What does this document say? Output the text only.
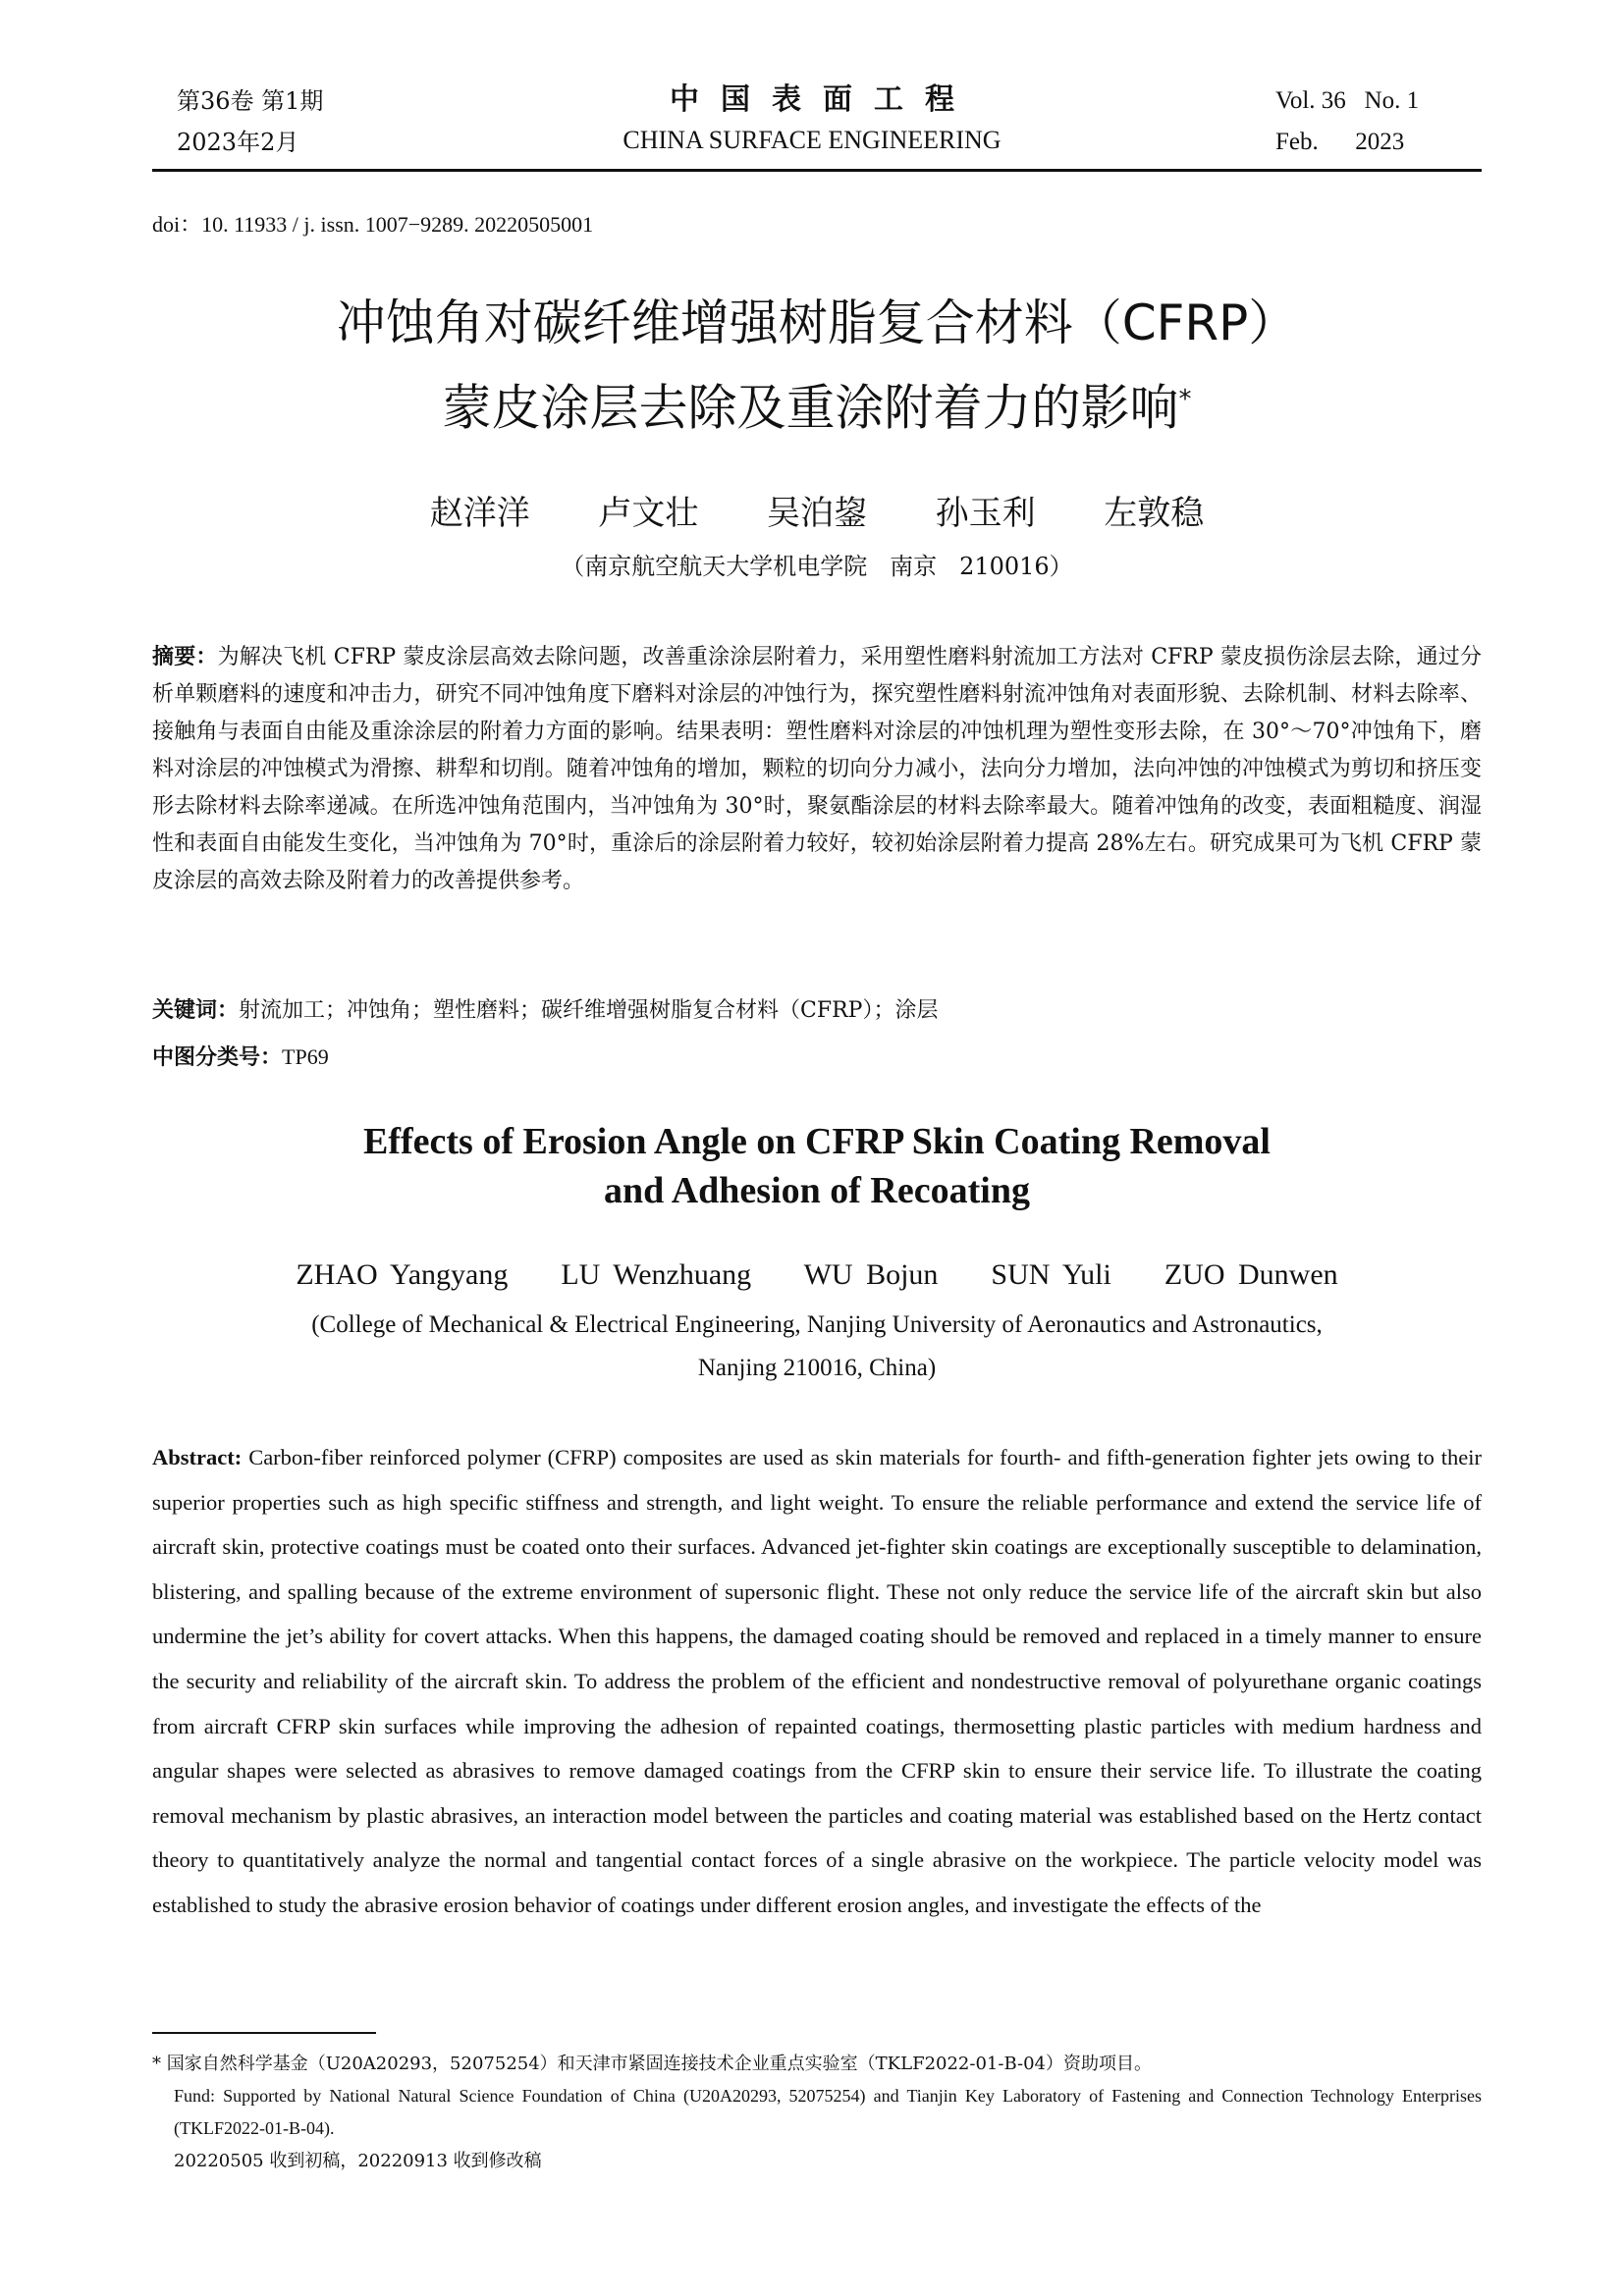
第36卷 第1期
2023年2月
中国表面工程
CHINA SURFACE ENGINEERING
Vol. 36   No. 1
Feb.      2023
doi：10. 11933 / j. issn. 1007−9289. 20220505001
冲蚀角对碳纤维增强树脂复合材料（CFRP）
蒙皮涂层去除及重涂附着力的影响*
赵洋洋  卢文壮  吴泊鋆  孙玉利  左敦稳
（南京航空航天大学机电学院   南京   210016）
摘要：为解决飞机 CFRP 蒙皮涂层高效去除问题，改善重涂涂层附着力，采用塑性磨料射流加工方法对 CFRP 蒙皮损伤涂层去除，通过分析单颗磨料的速度和冲击力，研究不同冲蚀角度下磨料对涂层的冲蚀行为，探究塑性磨料射流冲蚀角对表面形貌、去除机制、材料去除率、接触角与表面自由能及重涂涂层的附着力方面的影响。结果表明：塑性磨料对涂层的冲蚀机理为塑性变形去除，在 30°～70°冲蚀角下，磨料对涂层的冲蚀模式为滑擦、耕犁和切削。随着冲蚀角的增加，颗粒的切向分力减小，法向分力增加，法向冲蚀的冲蚀模式为剪切和挤压变形去除材料去除率递减。在所选冲蚀角范围内，当冲蚀角为 30°时，聚氨酯涂层的材料去除率最大。随着冲蚀角的改变，表面粗糙度、润湿性和表面自由能发生变化，当冲蚀角为 70°时，重涂后的涂层附着力较好，较初始涂层附着力提高 28%左右。研究成果可为飞机 CFRP 蒙皮涂层的高效去除及附着力的改善提供参考。
关键词：射流加工；冲蚀角；塑性磨料；碳纤维增强树脂复合材料（CFRP）；涂层
中图分类号：TP69
Effects of Erosion Angle on CFRP Skin Coating Removal
and Adhesion of Recoating
ZHAO Yangyang    LU Wenzhuang    WU Bojun    SUN Yuli    ZUO Dunwen
(College of Mechanical & Electrical Engineering, Nanjing University of Aeronautics and Astronautics,
Nanjing 210016, China)
Abstract: Carbon-fiber reinforced polymer (CFRP) composites are used as skin materials for fourth- and fifth-generation fighter jets owing to their superior properties such as high specific stiffness and strength, and light weight. To ensure the reliable performance and extend the service life of aircraft skin, protective coatings must be coated onto their surfaces. Advanced jet-fighter skin coatings are exceptionally susceptible to delamination, blistering, and spalling because of the extreme environment of supersonic flight. These not only reduce the service life of the aircraft skin but also undermine the jet’s ability for covert attacks. When this happens, the damaged coating should be removed and replaced in a timely manner to ensure the security and reliability of the aircraft skin. To address the problem of the efficient and nondestructive removal of polyurethane organic coatings from aircraft CFRP skin surfaces while improving the adhesion of repainted coatings, thermosetting plastic particles with medium hardness and angular shapes were selected as abrasives to remove damaged coatings from the CFRP skin to ensure their service life. To illustrate the coating removal mechanism by plastic abrasives, an interaction model between the particles and coating material was established based on the Hertz contact theory to quantitatively analyze the normal and tangential contact forces of a single abrasive on the workpiece. The particle velocity model was established to study the abrasive erosion behavior of coatings under different erosion angles, and investigate the effects of the
* 国家自然科学基金（U20A20293，52075254）和天津市紧固连接技术企业重点实验室（TKLF2022-01-B-04）资助项目。
Fund: Supported by National Natural Science Foundation of China (U20A20293, 52075254) and Tianjin Key Laboratory of Fastening and Connection Technology Enterprises (TKLF2022-01-B-04).
20220505 收到初稿，20220913 收到修改稿
